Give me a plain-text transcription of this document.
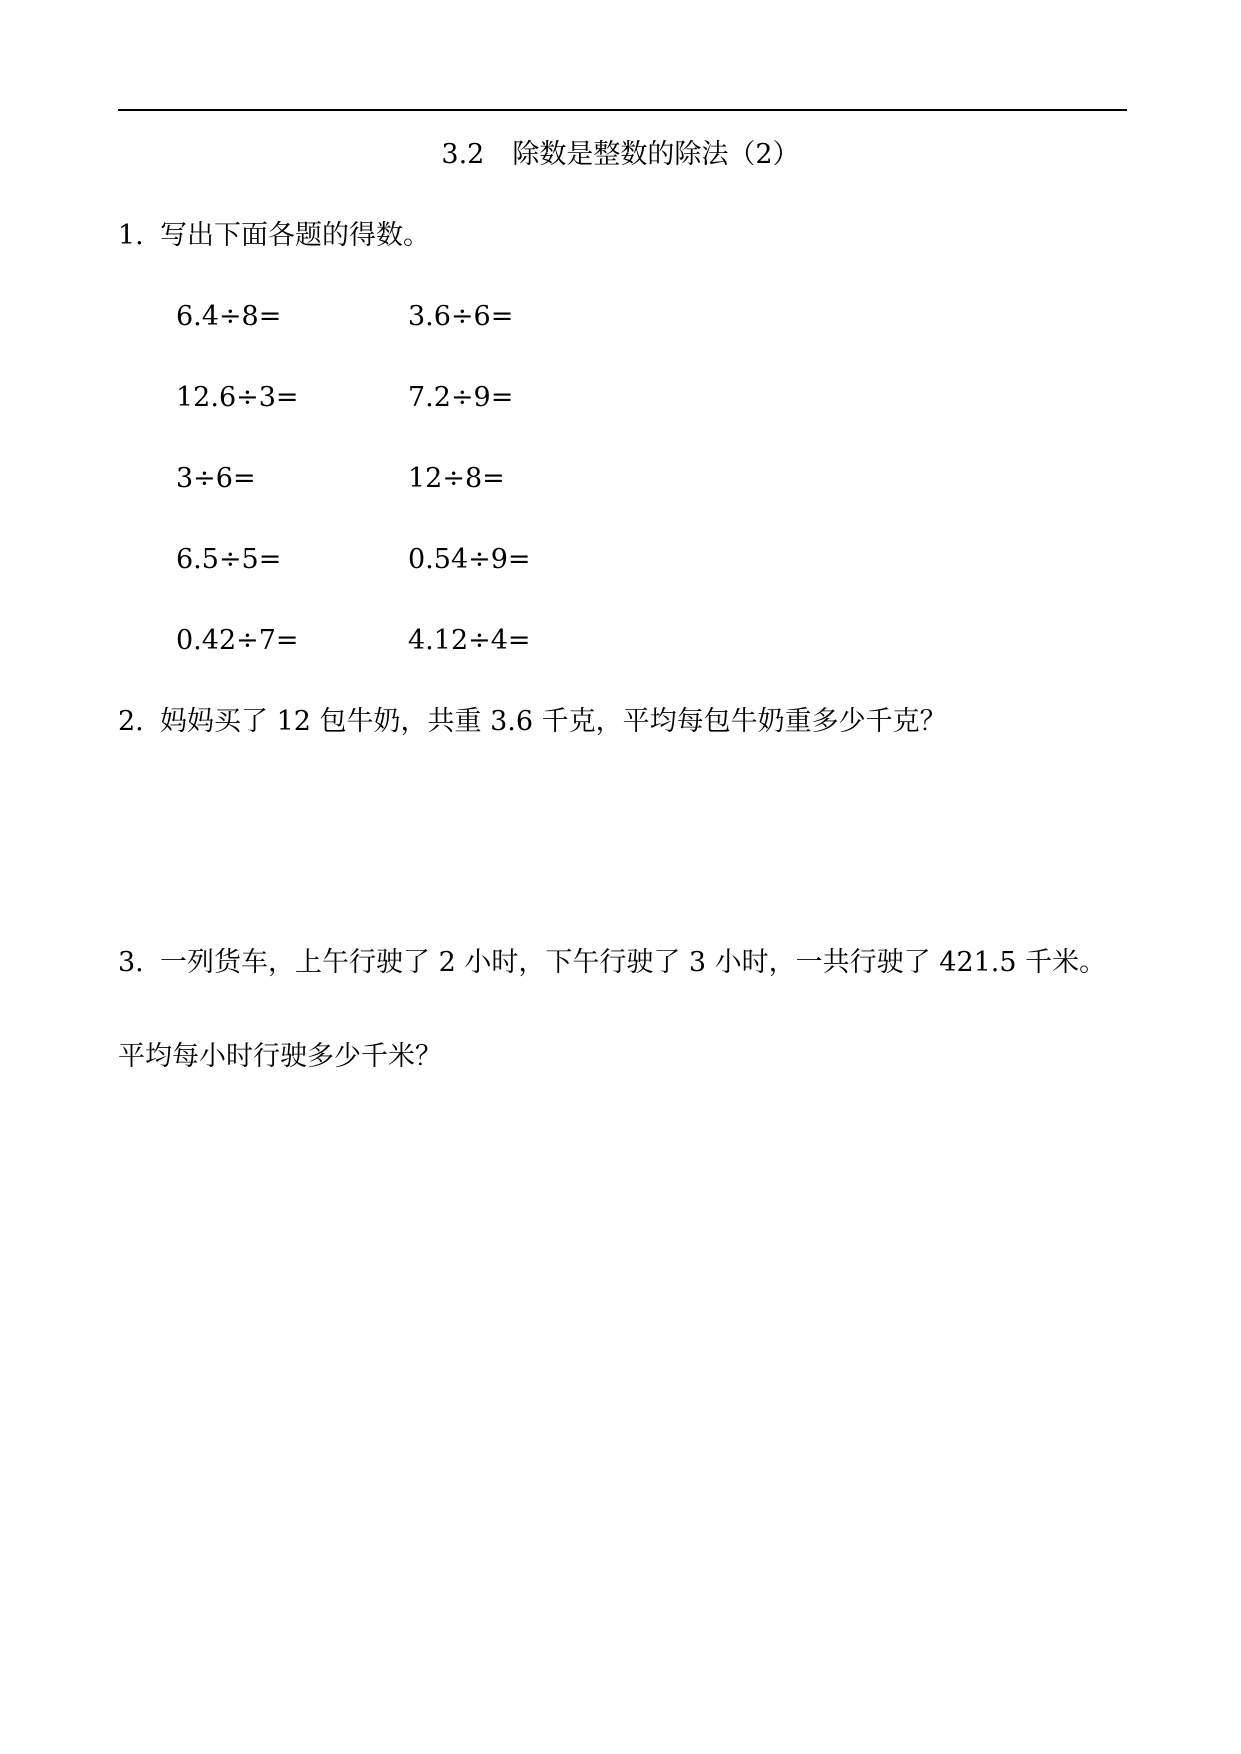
3.2 除数是整数的除法（2）
1. 写出下面各题的得数。
6.4÷8=	3.6÷6=
12.6÷3=	7.2÷9=
3÷6=	12÷8=
6.5÷5=	0.54÷9=
0.42÷7=	4.12÷4=
2. 妈妈买了 12 包牛奶，共重 3.6 千克，平均每包牛奶重多少千克？
3. 一列货车，上午行驶了 2 小时，下午行驶了 3 小时，一共行驶了 421.5 千米。
平均每小时行驶多少千米？
